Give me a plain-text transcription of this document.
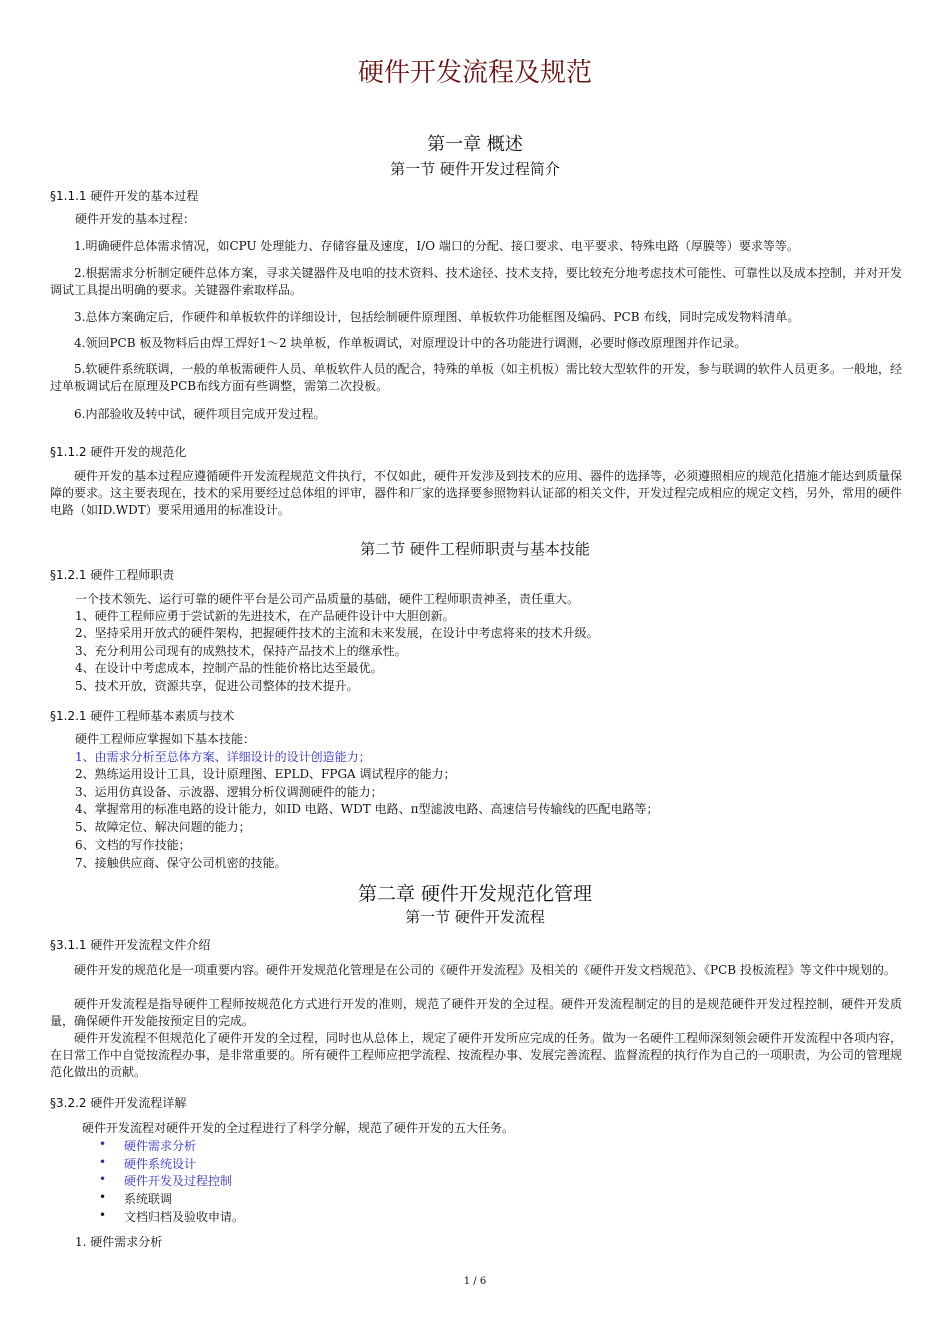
硬件开发流程及规范
第一章 概述
第一节 硬件开发过程简介
§1.1.1 硬件开发的基本过程
硬件开发的基本过程：
1.明确硬件总体需求情况，如CPU 处理能力、存储容量及速度，I/O 端口的分配、接口要求、电平要求、特殊电路（厚膜等）要求等等。
2.根据需求分析制定硬件总体方案，寻求关键器件及电咱的技术资料、技术途径、技术支持，要比较充分地考虑技术可能性、可靠性以及成本控制，并对开发调试工具提出明确的要求。关键器件索取样品。
3.总体方案确定后，作硬件和单板软件的详细设计，包括绘制硬件原理图、单板软件功能框图及编码、PCB 布线，同时完成发物料清单。
4.领回PCB 板及物料后由焊工焊好1～2 块单板，作单板调试，对原理设计中的各功能进行调测，必要时修改原理图并作记录。
5.软硬件系统联调，一般的单板需硬件人员、单板软件人员的配合，特殊的单板（如主机板）需比较大型软件的开发，参与联调的软件人员更多。一般地，经过单板调试后在原理及PCB布线方面有些调整，需第二次投板。
6.内部验收及转中试，硬件项目完成开发过程。
§1.1.2 硬件开发的规范化
硬件开发的基本过程应遵循硬件开发流程规范文件执行，不仅如此，硬件开发涉及到技术的应用、器件的选择等，必须遵照相应的规范化措施才能达到质量保障的要求。这主要表现在，技术的采用要经过总体组的评审，器件和厂家的选择要参照物料认证部的相关文件，开发过程完成相应的规定文档，另外，常用的硬件电路（如ID.WDT）要采用通用的标准设计。
第二节 硬件工程师职责与基本技能
§1.2.1 硬件工程师职责
一个技术领先、运行可靠的硬件平台是公司产品质量的基础，硬件工程师职责神圣，责任重大。
1、硬件工程师应勇于尝试新的先进技术，在产品硬件设计中大胆创新。
2、坚持采用开放式的硬件架构，把握硬件技术的主流和未来发展，在设计中考虑将来的技术升级。
3、充分利用公司现有的成熟技术，保持产品技术上的继承性。
4、在设计中考虑成本，控制产品的性能价格比达至最优。
5、技术开放，资源共享，促进公司整体的技术提升。
§1.2.1 硬件工程师基本素质与技术
硬件工程师应掌握如下基本技能：
1、由需求分析至总体方案、详细设计的设计创造能力；
2、熟练运用设计工具，设计原理图、EPLD、FPGA 调试程序的能力；
3、运用仿真设备、示波器、逻辑分析仪调测硬件的能力；
4、掌握常用的标准电路的设计能力，如ID 电路、WDT 电路、π型滤波电路、高速信号传输线的匹配电路等；
5、故障定位、解决问题的能力；
6、文档的写作技能；
7、接触供应商、保守公司机密的技能。
第二章 硬件开发规范化管理
第一节 硬件开发流程
§3.1.1 硬件开发流程文件介绍
硬件开发的规范化是一项重要内容。硬件开发规范化管理是在公司的《硬件开发流程》及相关的《硬件开发文档规范》、《PCB 投板流程》等文件中规划的。
硬件开发流程是指导硬件工程师按规范化方式进行开发的准则，规范了硬件开发的全过程。硬件开发流程制定的目的是规范硬件开发过程控制，硬件开发质量，确保硬件开发能按预定目的完成。
硬件开发流程不但规范化了硬件开发的全过程，同时也从总体上，规定了硬件开发所应完成的任务。做为一名硬件工程师深刻领会硬件开发流程中各项内容，在日常工作中自觉按流程办事，是非常重要的。所有硬件工程师应把学流程、按流程办事、发展完善流程、监督流程的执行作为自己的一项职责，为公司的管理规范化做出的贡献。
§3.2.2 硬件开发流程详解
硬件开发流程对硬件开发的全过程进行了科学分解，规范了硬件开发的五大任务。
• 硬件需求分析
• 硬件系统设计
• 硬件开发及过程控制
• 系统联调
• 文档归档及验收申请。
1. 硬件需求分析
1 / 6
